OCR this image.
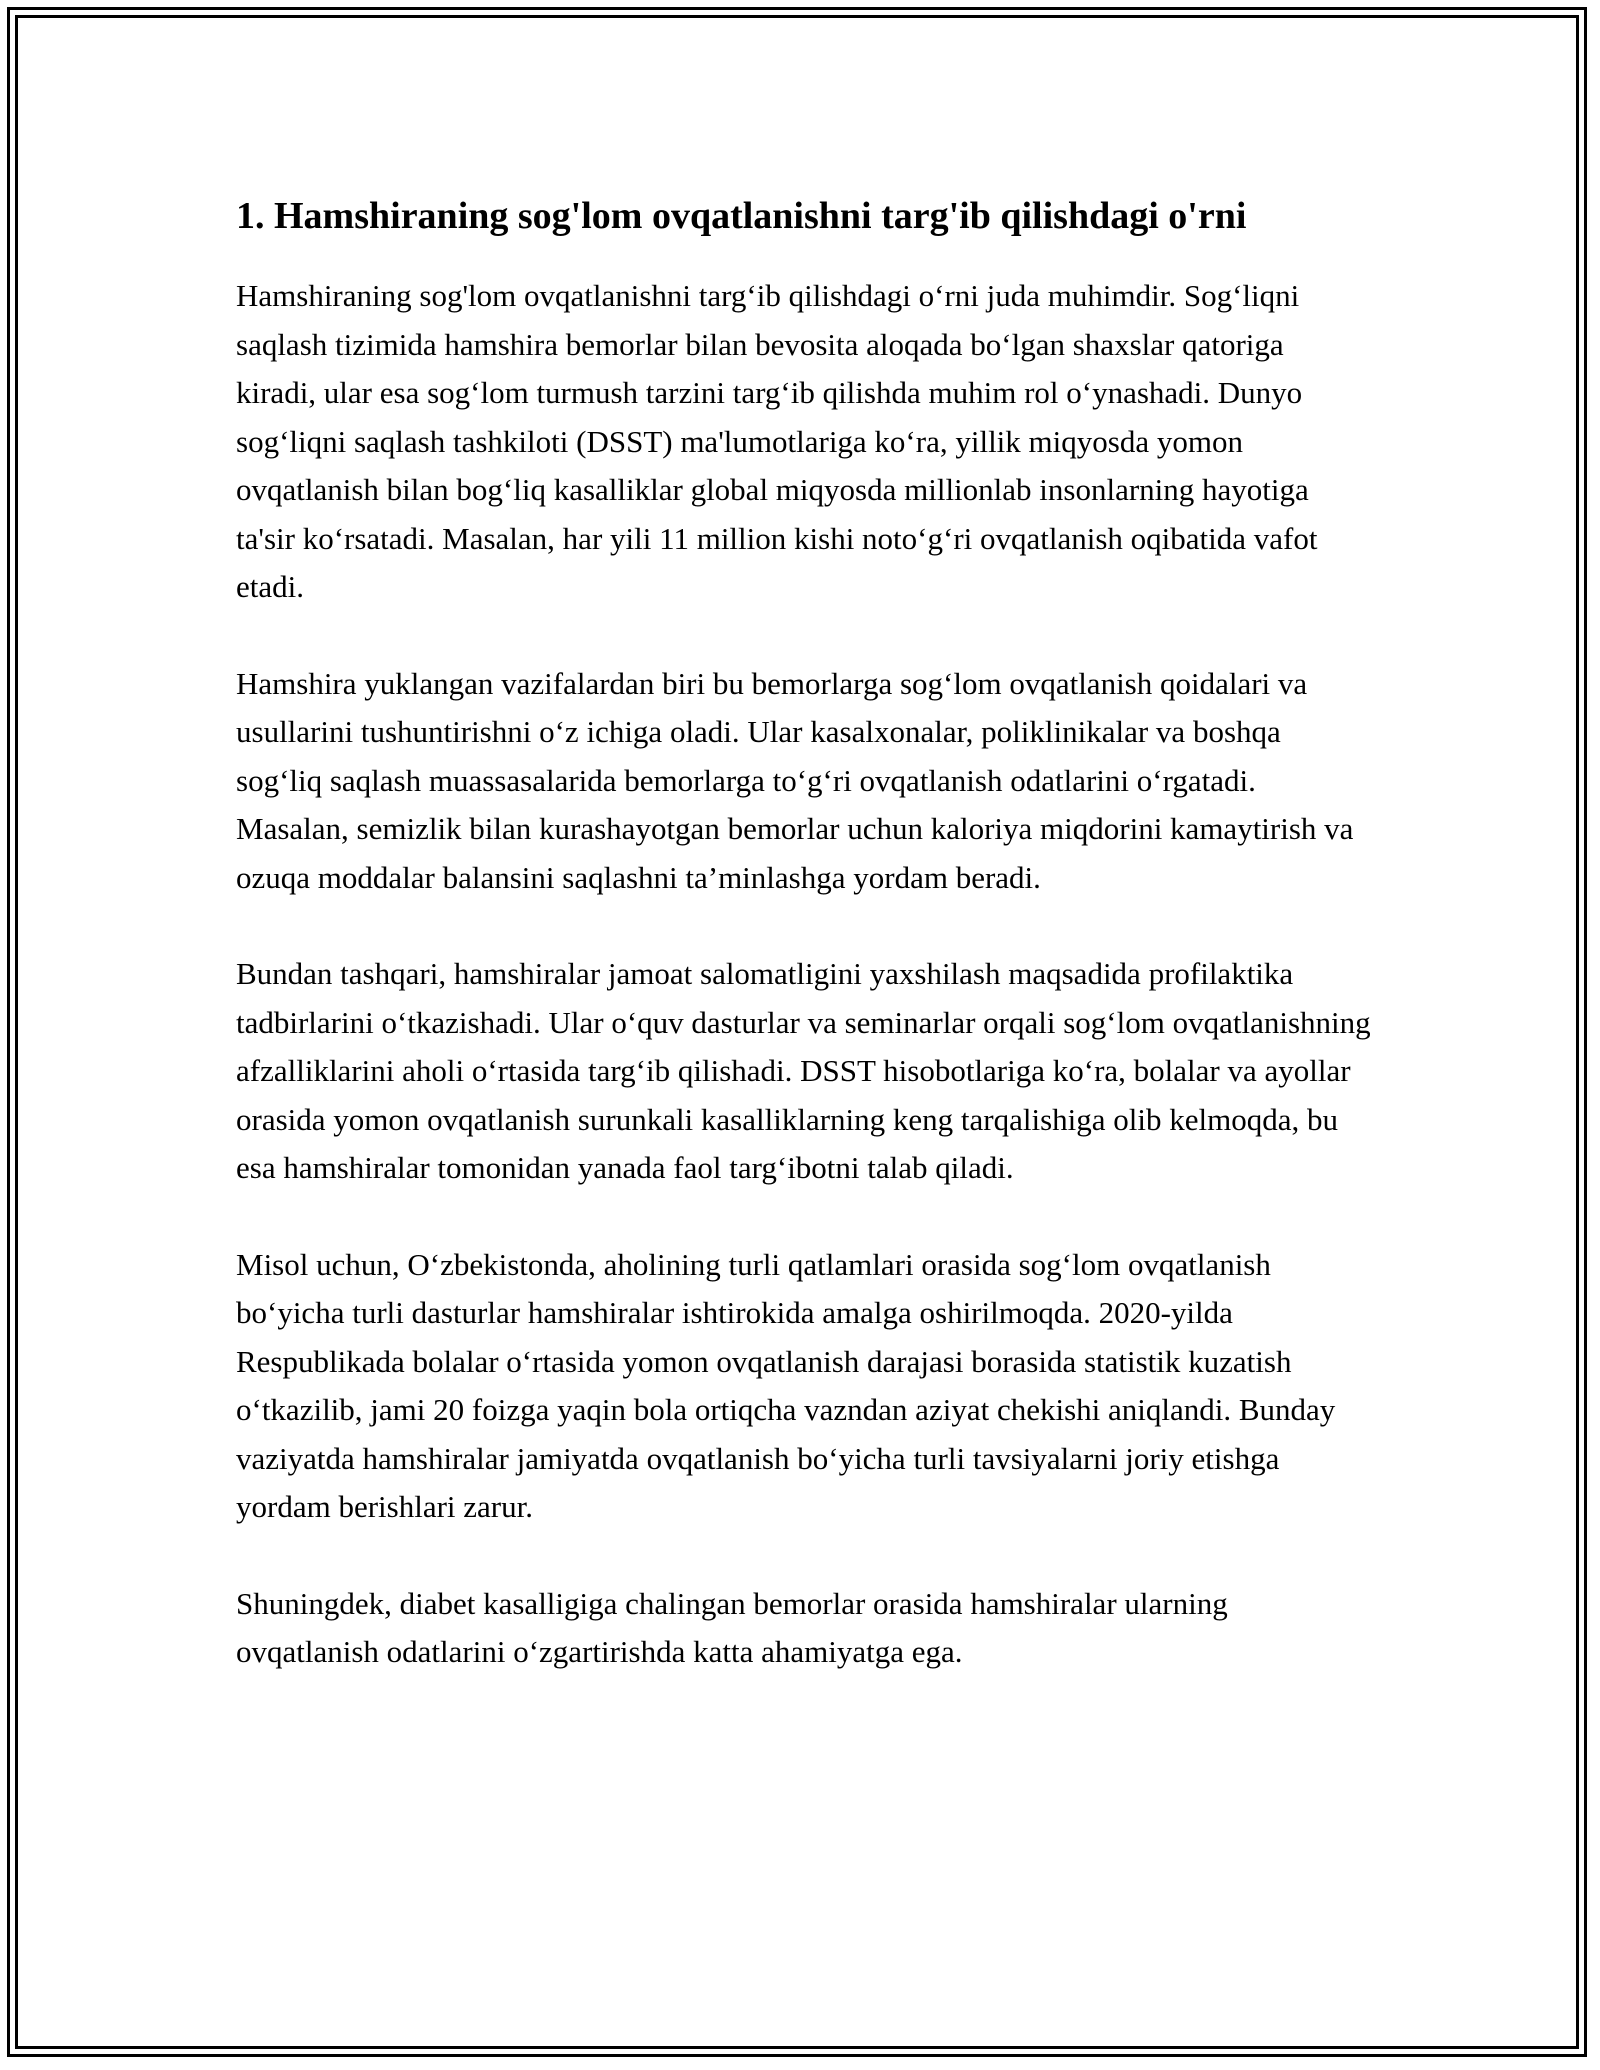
1. Hamshiraning sog'lom ovqatlanishni targ'ib qilishdagi o'rni

Hamshiraning sog'lom ovqatlanishni targ‘ib qilishdagi o‘rni juda muhimdir. Sog‘liqni saqlash tizimida hamshira bemorlar bilan bevosita aloqada bo‘lgan shaxslar qatoriga kiradi, ular esa sog‘lom turmush tarzini targ‘ib qilishda muhim rol o‘ynashadi. Dunyo sog‘liqni saqlash tashkiloti (DSST) ma'lumotlariga ko‘ra, yillik miqyosda yomon ovqatlanish bilan bog‘liq kasalliklar global miqyosda millionlab insonlarning hayotiga ta'sir ko‘rsatadi. Masalan, har yili 11 million kishi noto‘g‘ri ovqatlanish oqibatida vafot etadi.

Hamshira yuklangan vazifalardan biri bu bemorlarga sog‘lom ovqatlanish qoidalari va usullarini tushuntirishni o‘z ichiga oladi. Ular kasalxonalar, poliklinikalar va boshqa sog‘liq saqlash muassasalarida bemorlarga to‘g‘ri ovqatlanish odatlarini o‘rgatadi. Masalan, semizlik bilan kurashayotgan bemorlar uchun kaloriya miqdorini kamaytirish va ozuqa moddalar balansini saqlashni ta’minlashga yordam beradi.

Bundan tashqari, hamshiralar jamoat salomatligini yaxshilash maqsadida profilaktika tadbirlarini o‘tkazishadi. Ular o‘quv dasturlar va seminarlar orqali sog‘lom ovqatlanishning afzalliklarini aholi o‘rtasida targ‘ib qilishadi. DSST hisobotlariga ko‘ra, bolalar va ayollar orasida yomon ovqatlanish surunkali kasalliklarning keng tarqalishiga olib kelmoqda, bu esa hamshiralar tomonidan yanada faol targ‘ibotni talab qiladi.

Misol uchun, O‘zbekistonda, aholining turli qatlamlari orasida sog‘lom ovqatlanish bo‘yicha turli dasturlar hamshiralar ishtirokida amalga oshirilmoqda. 2020-yilda Respublikada bolalar o‘rtasida yomon ovqatlanish darajasi borasida statistik kuzatish o‘tkazilib, jami 20 foizga yaqin bola ortiqcha vazndan aziyat chekishi aniqlandi. Bunday vaziyatda hamshiralar jamiyatda ovqatlanish bo‘yicha turli tavsiyalarni joriy etishga yordam berishlari zarur.

Shuningdek, diabet kasalligiga chalingan bemorlar orasida hamshiralar ularning ovqatlanish odatlarini o‘zgartirishda katta ahamiyatga ega.
